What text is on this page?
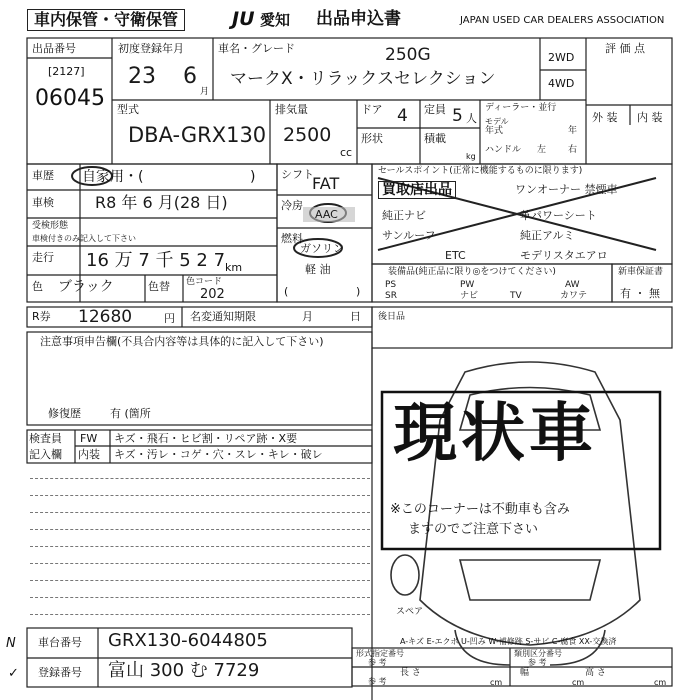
車内保管・守衛保管	JU 愛知 出品申込書	JAPAN USED CAR DEALERS ASSOCIATION
出品番号
[2127]
06045
初度登録年月
23 6
月
車名・グレード	250G
マークX・リラックスセレクション
2WD
4WD
評 価 点
外 装 内 装
型式
DBA-GRX130
排気量
2500
cc
ドア 4
形状
定員 5 人
積載
kg
ディーラー・並行
モデル
年式	年
ハンドル 左 右
車歴 自家用・(	)
車検	R8 年 6 月(28 日)
受検形態
車検付きのみ記入して下さい
走行 16 万 7 千 5 2 7 km
色 ブラック	色替 色コード
202
シフト
FAT
冷房
AAC
燃料
ガソリン
軽 油
(	)
セールスポイント(正常に機能するものに限ります)
買取店出品	ワンオーナー 禁煙車
純正ナビ	革パワーシート
サンルーフ	純正アルミ
ETC	モデリスタエアロ
装備品(純正品に限り◎をつけてください)
PS	PW	AW
SR	ナビ	TV	カワテ
新車保証書
有 ・ 無
R券 12680	円 名変通知期限	月	日 後日品
注意事項申告欄(不具合内容等は具体的に記入して下さい)
修復歴	有 (箇所
検査員
記入欄
FW キズ・飛石・ヒビ割・リペア跡・X要
内装 キズ・汚レ・コゲ・穴・スレ・キレ・破レ 現状車
※このコーナーは不動車も含み
ますのでご注意下さい
スペア
A-キズ E-エクボ U-凹み W-補修跡 S-サビ C-腐食 XX-交換済
N 車台番号 GRX130-6044805
✓ 登録番号 富山 300 む 7729
形式指定番号
参 考
類別区分番号
参 考
参 考
長 さ
cm
幅
cm
高 さ
cm
